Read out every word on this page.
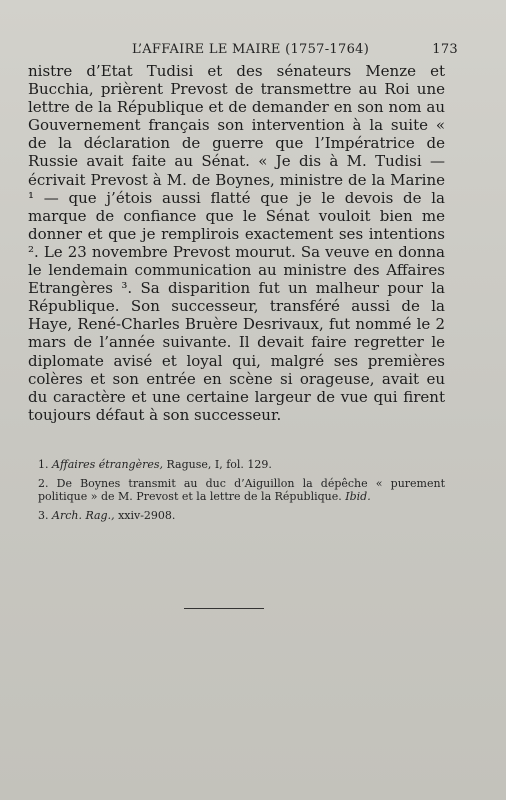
L’AFFAIRE LE MAIRE (1757-1764)	173

nistre d’Etat Tudisi et des sénateurs Menze et Bucchia, prièrent Prevost de transmettre au Roi une lettre de la République et de demander en son nom au Gouvernement français son intervention à la suite « de la déclaration de guerre que l’Impératrice de Russie avait faite au Sénat. « Je dis à M. Tudisi — écrivait Prevost à M. de Boynes, ministre de la Marine ¹ — que j’étois aussi flatté que je le devois de la marque de confiance que le Sénat vouloit bien me donner et que je remplirois exactement ses intentions ². Le 23 novembre Prevost mourut. Sa veuve en donna le lendemain communication au ministre des Affaires Etrangères ³. Sa disparition fut un malheur pour la République. Son successeur, transféré aussi de la Haye, René-Charles Bruère Desrivaux, fut nommé le 2 mars de l’année suivante. Il devait faire regretter le diplomate avisé et loyal qui, malgré ses premières colères et son entrée en scène si orageuse, avait eu du caractère et une certaine largeur de vue qui firent toujours défaut à son successeur.

1. Affaires étrangères, Raguse, I, fol. 129.

2. De Boynes transmit au duc d’Aiguillon la dépêche « purement politique » de M. Prevost et la lettre de la République. Ibid.

3. Arch. Rag., xxiv-2908.
